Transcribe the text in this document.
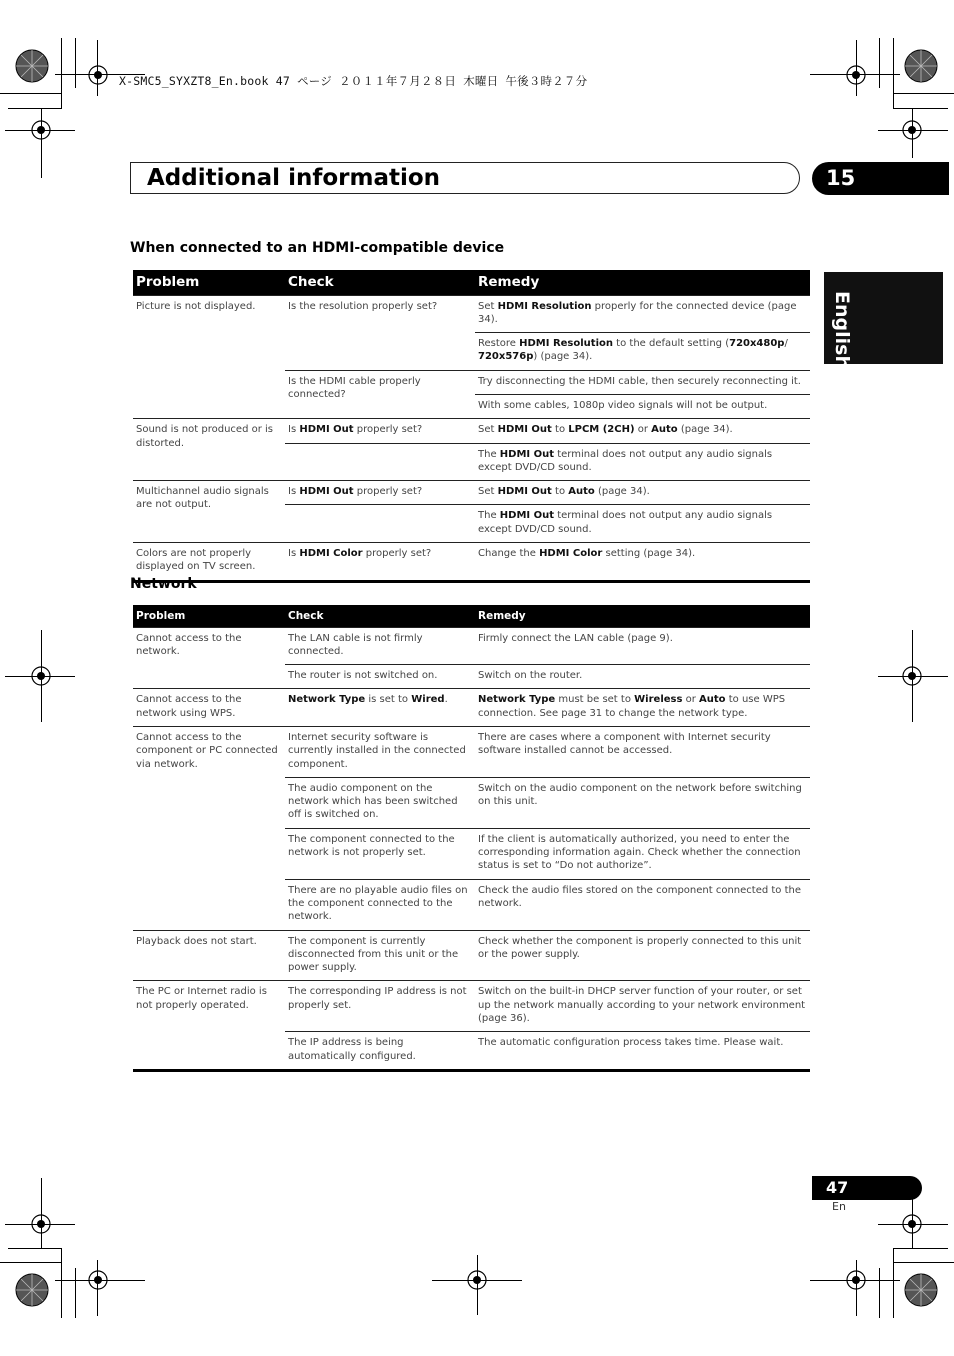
X-SMC5_SYXZT8_En.book 47 ページ ２０１１年７月２８日 木曜日 午後３時２７分
Additional information	15
English
When connected to an HDMI-compatible device
Problem	Check	Remedy
Picture is not displayed.	Is the resolution properly set?	Set HDMI Resolution properly for the connected device (page 34).
		Restore HDMI Resolution to the default setting (720x480p/ 720x576p) (page 34).
	Is the HDMI cable properly connected?	Try disconnecting the HDMI cable, then securely reconnecting it.
		With some cables, 1080p video signals will not be output.
Sound is not produced or is distorted.	Is HDMI Out properly set?	Set HDMI Out to LPCM (2CH) or Auto (page 34).
		The HDMI Out terminal does not output any audio signals except DVD/CD sound.
Multichannel audio signals are not output.	Is HDMI Out properly set?	Set HDMI Out to Auto (page 34).
		The HDMI Out terminal does not output any audio signals except DVD/CD sound.
Colors are not properly displayed on TV screen.	Is HDMI Color properly set?	Change the HDMI Color setting (page 34).
Network
Problem	Check	Remedy
Cannot access to the network.	The LAN cable is not firmly connected.	Firmly connect the LAN cable (page 9).
	The router is not switched on.	Switch on the router.
Cannot access to the network using WPS.	Network Type is set to Wired.	Network Type must be set to Wireless or Auto to use WPS connection. See page 31 to change the network type.
Cannot access to the component or PC connected via network.	Internet security software is currently installed in the connected component.	There are cases where a component with Internet security software installed cannot be accessed.
	The audio component on the network which has been switched off is switched on.	Switch on the audio component on the network before switching on this unit.
	The component connected to the network is not properly set.	If the client is automatically authorized, you need to enter the corresponding information again. Check whether the connection status is set to “Do not authorize”.
	There are no playable audio files on the component connected to the network.	Check the audio files stored on the component connected to the network.
Playback does not start.	The component is currently disconnected from this unit or the power supply.	Check whether the component is properly connected to this unit or the power supply.
The PC or Internet radio is not properly operated.	The corresponding IP address is not properly set.	Switch on the built-in DHCP server function of your router, or set up the network manually according to your network environment (page 36).
	The IP address is being automatically configured.	The automatic configuration process takes time. Please wait.
47
En
